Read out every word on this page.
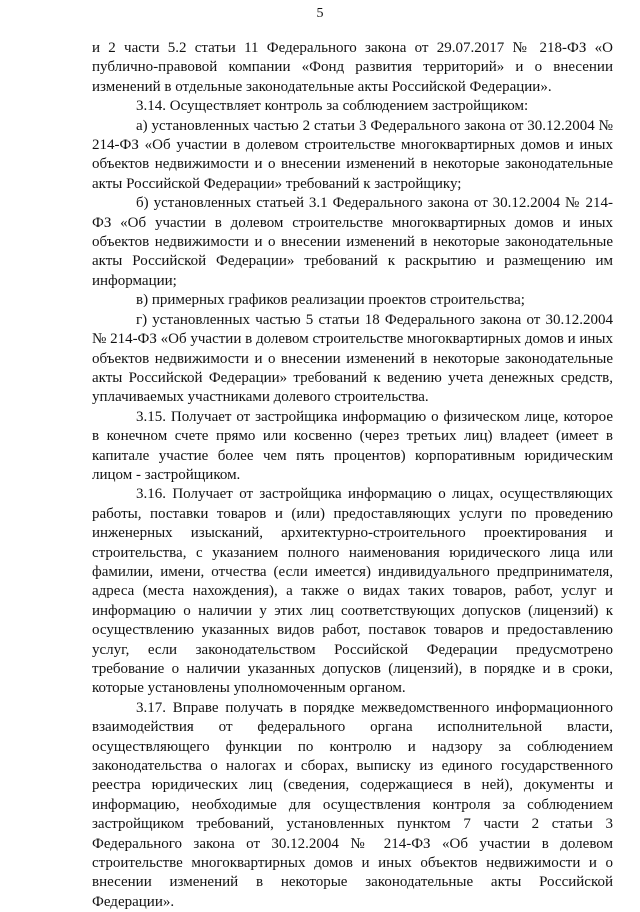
5

и 2 части 5.2 статьи 11 Федерального закона от 29.07.2017 № 218-ФЗ «О публично-правовой компании «Фонд развития территорий» и о внесении изменений в отдельные законодательные акты Российской Федерации».

3.14. Осуществляет контроль за соблюдением застройщиком:

а) установленных частью 2 статьи 3 Федерального закона от 30.12.2004 № 214-ФЗ «Об участии в долевом строительстве многоквартирных домов и иных объектов недвижимости и о внесении изменений в некоторые законодательные акты Российской Федерации» требований к застройщику;

б) установленных статьей 3.1 Федерального закона от 30.12.2004 № 214-ФЗ «Об участии в долевом строительстве многоквартирных домов и иных объектов недвижимости и о внесении изменений в некоторые законодательные акты Российской Федерации» требований к раскрытию и размещению им информации;

в) примерных графиков реализации проектов строительства;

г) установленных частью 5 статьи 18 Федерального закона от 30.12.2004 № 214-ФЗ «Об участии в долевом строительстве многоквартирных домов и иных объектов недвижимости и о внесении изменений в некоторые законодательные акты Российской Федерации» требований к ведению учета денежных средств, уплачиваемых участниками долевого строительства.

3.15. Получает от застройщика информацию о физическом лице, которое в конечном счете прямо или косвенно (через третьих лиц) владеет (имеет в капитале участие более чем пять процентов) корпоративным юридическим лицом - застройщиком.

3.16. Получает от застройщика информацию о лицах, осуществляющих работы, поставки товаров и (или) предоставляющих услуги по проведению инженерных изысканий, архитектурно-строительного проектирования и строительства, с указанием полного наименования юридического лица или фамилии, имени, отчества (если имеется) индивидуального предпринимателя, адреса (места нахождения), а также о видах таких товаров, работ, услуг и информацию о наличии у этих лиц соответствующих допусков (лицензий) к осуществлению указанных видов работ, поставок товаров и предоставлению услуг, если законодательством Российской Федерации предусмотрено требование о наличии указанных допусков (лицензий), в порядке и в сроки, которые установлены уполномоченным органом.

3.17. Вправе получать в порядке межведомственного информационного взаимодействия от федерального органа исполнительной власти, осуществляющего функции по контролю и надзору за соблюдением законодательства о налогах и сборах, выписку из единого государственного реестра юридических лиц (сведения, содержащиеся в ней), документы и информацию, необходимые для осуществления контроля за соблюдением застройщиком требований, установленных пунктом 7 части 2 статьи 3 Федерального закона от 30.12.2004 № 214-ФЗ «Об участии в долевом строительстве многоквартирных домов и иных объектов недвижимости и о внесении изменений в некоторые законодательные акты Российской Федерации».
